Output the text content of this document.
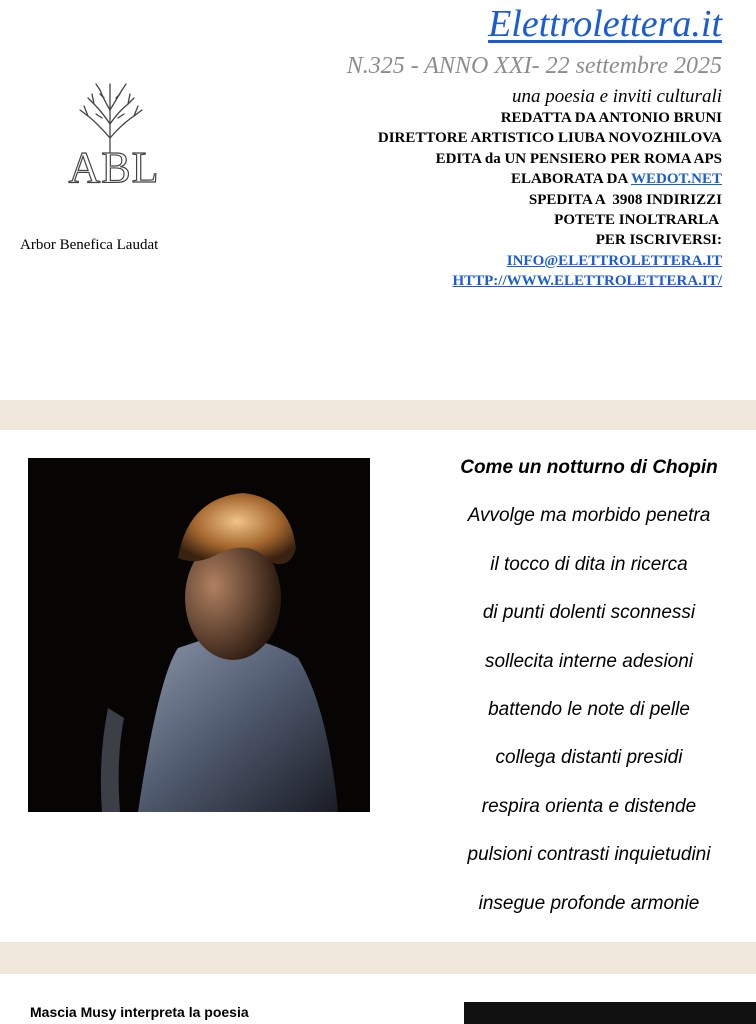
ABL
Arbor Benefica Laudat
Elettrolettera.it
N.325 - ANNO XXI- 22 settembre 2025
una poesia e inviti culturali
REDATTA DA ANTONIO BRUNI
DIRETTORE ARTISTICO LIUBA NOVOZHILOVA
EDITA da UN PENSIERO PER ROMA APS
ELABORATA DA WEDOT.NET
SPEDITA A  3908 INDIRIZZI
POTETE INOLTRARLA
PER ISCRIVERSI:
INFO@ELETTROLETTERA.IT
HTTP://WWW.ELETTROLETTERA.IT/
Come un notturno di Chopin
Avvolge ma morbido penetra
il tocco di dita in ricerca
di punti dolenti sconnessi
sollecita interne adesioni
battendo le note di pelle
collega distanti presidi
respira orienta e distende
pulsioni contrasti inquietudini
insegue profonde armonie
Mascia Musy interpreta la poesia
